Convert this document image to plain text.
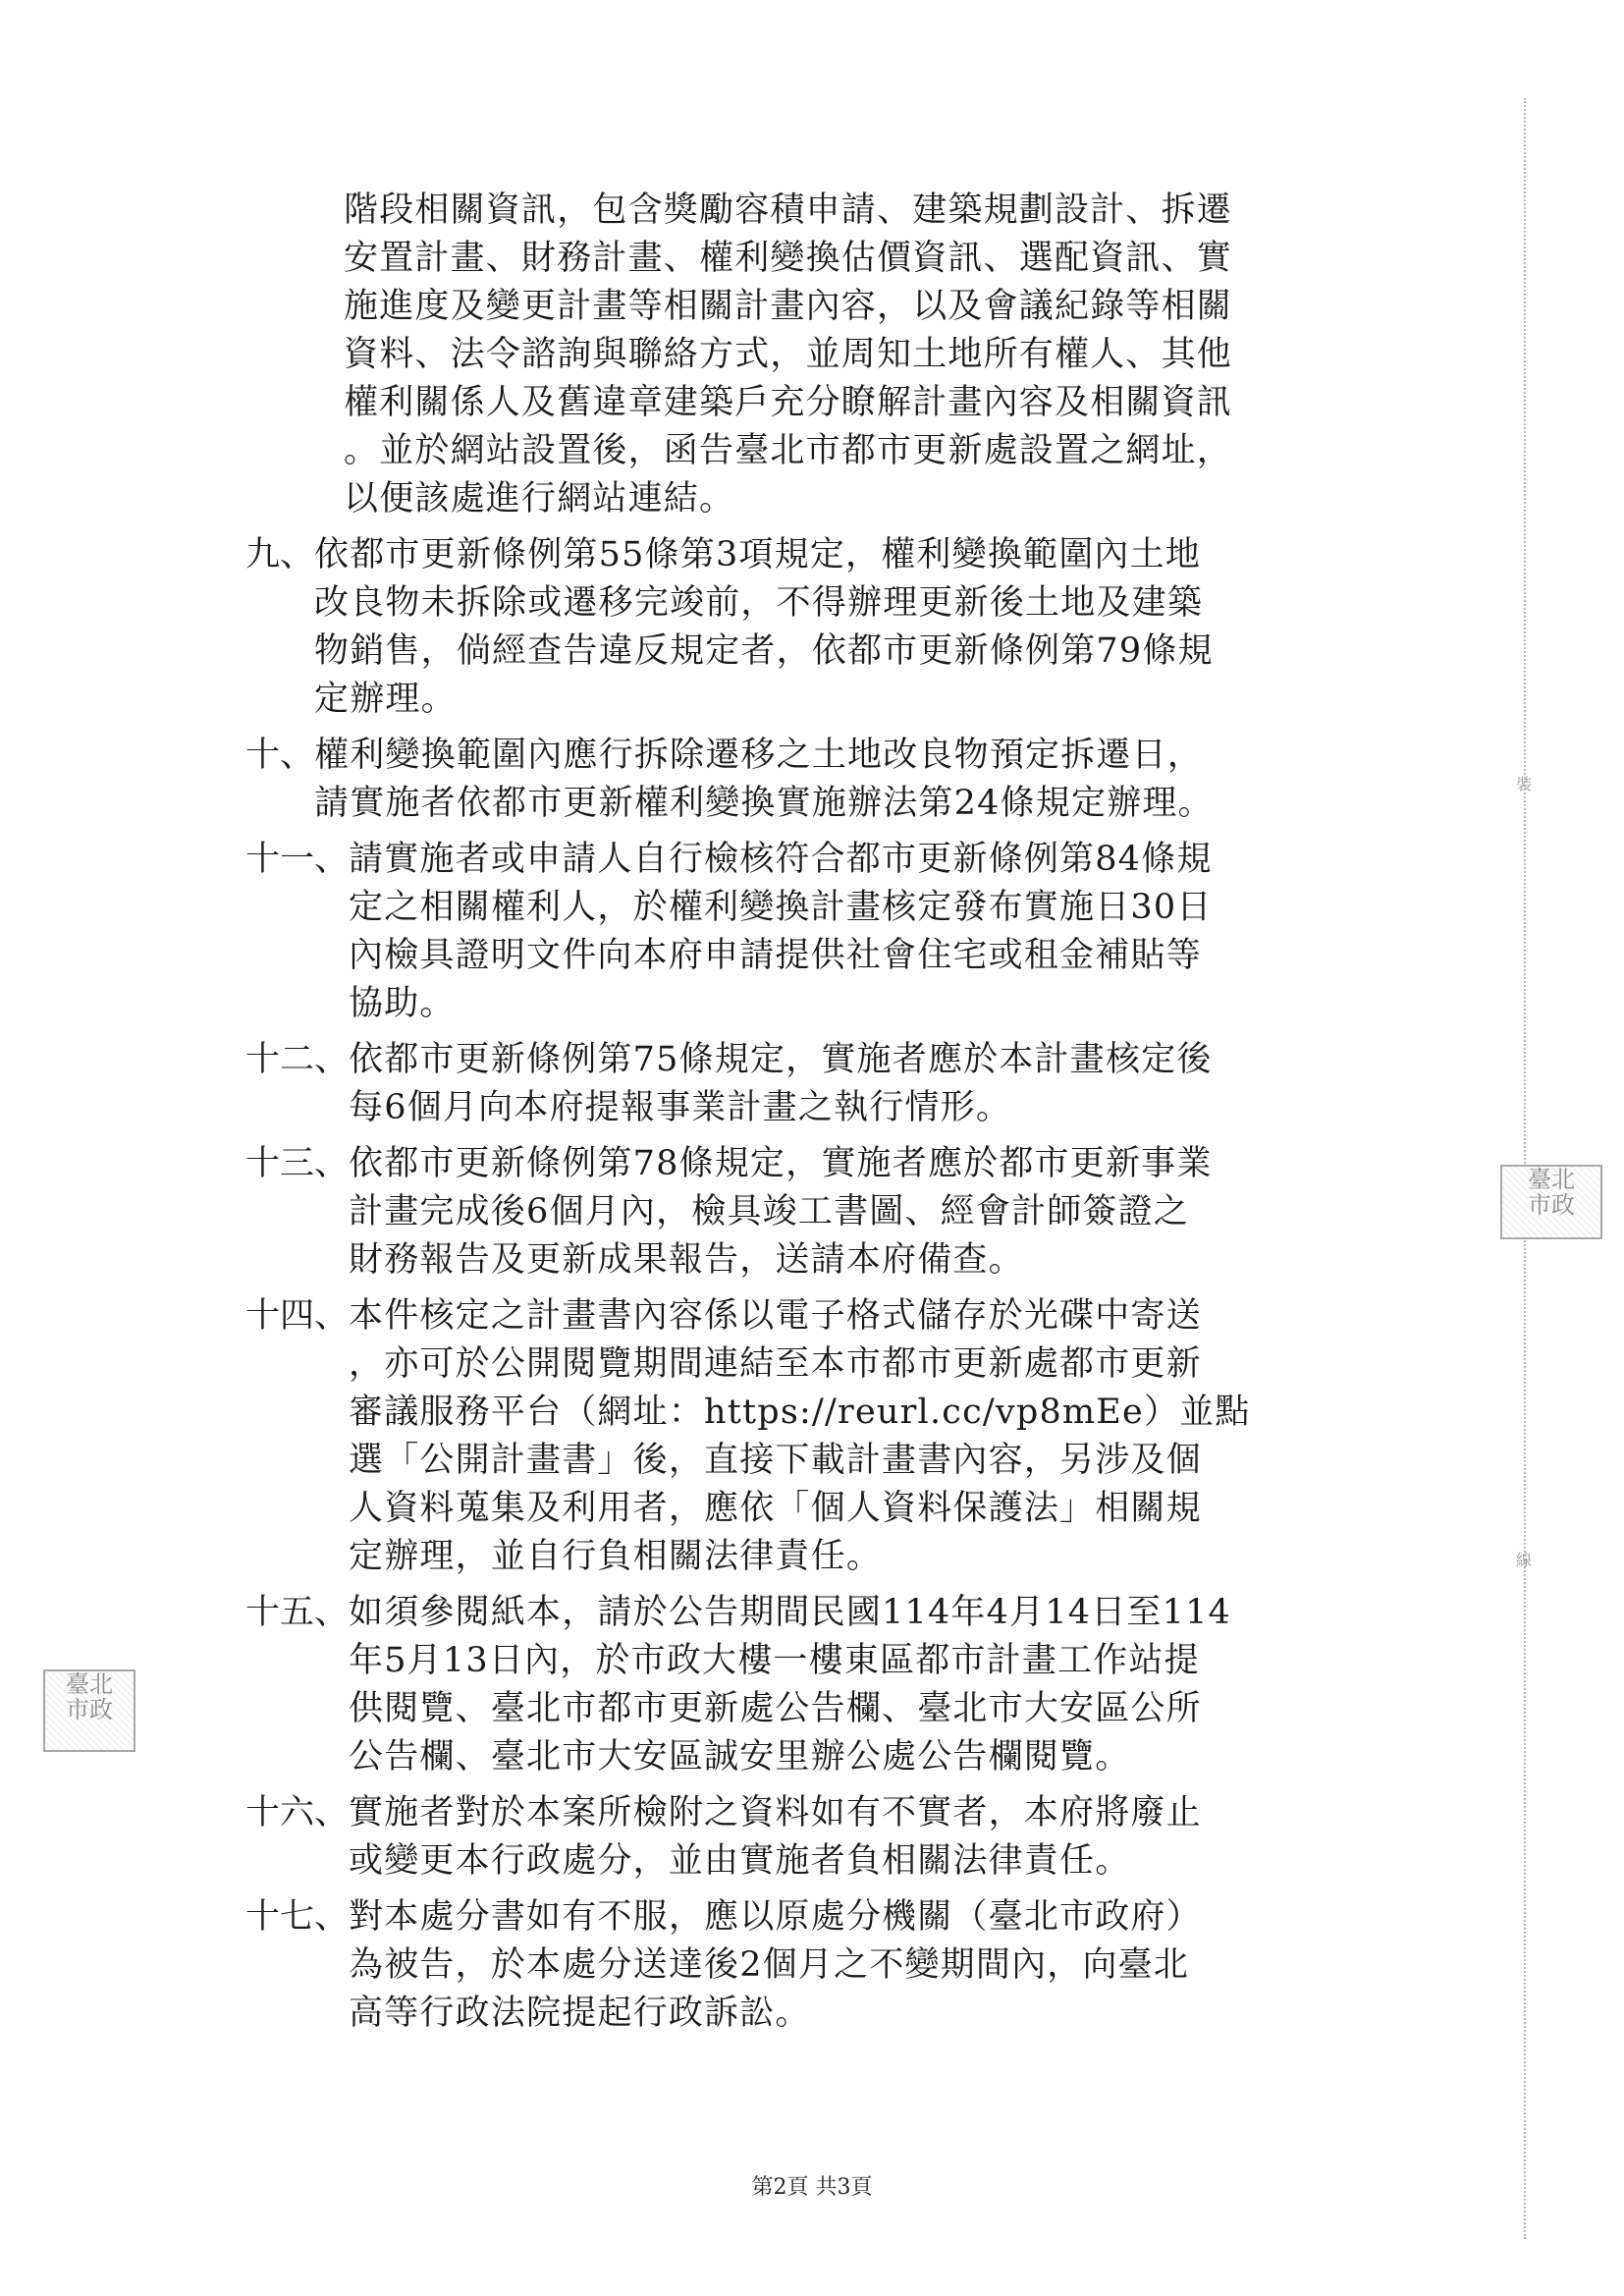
裝
線
臺北
市政
臺北
市政
階段相關資訊，包含獎勵容積申請、建築規劃設計、拆遷
安置計畫、財務計畫、權利變換估價資訊、選配資訊、實
施進度及變更計畫等相關計畫內容，以及會議紀錄等相關
資料、法令諮詢與聯絡方式，並周知土地所有權人、其他
權利關係人及舊違章建築戶充分瞭解計畫內容及相關資訊
。並於網站設置後，函告臺北市都市更新處設置之網址，
以便該處進行網站連結。
九、 依都市更新條例第55條第3項規定，權利變換範圍內土地
改良物未拆除或遷移完竣前，不得辦理更新後土地及建築
物銷售，倘經查告違反規定者，依都市更新條例第79條規
定辦理。
十、 權利變換範圍內應行拆除遷移之土地改良物預定拆遷日，
請實施者依都市更新權利變換實施辦法第24條規定辦理。
十一、 請實施者或申請人自行檢核符合都市更新條例第84條規
定之相關權利人，於權利變換計畫核定發布實施日30日
內檢具證明文件向本府申請提供社會住宅或租金補貼等
協助。
十二、 依都市更新條例第75條規定，實施者應於本計畫核定後
每6個月向本府提報事業計畫之執行情形。
十三、 依都市更新條例第78條規定，實施者應於都市更新事業
計畫完成後6個月內，檢具竣工書圖、經會計師簽證之
財務報告及更新成果報告，送請本府備查。
十四、 本件核定之計畫書內容係以電子格式儲存於光碟中寄送
，亦可於公開閱覽期間連結至本市都市更新處都市更新
審議服務平台（網址：https://reurl.cc/vp8mEe）並點
選「公開計畫書」後，直接下載計畫書內容，另涉及個
人資料蒐集及利用者，應依「個人資料保護法」相關規
定辦理，並自行負相關法律責任。
十五、 如須參閱紙本，請於公告期間民國114年4月14日至114
年5月13日內，於市政大樓一樓東區都市計畫工作站提
供閱覽、臺北市都市更新處公告欄、臺北市大安區公所
公告欄、臺北市大安區誠安里辦公處公告欄閱覽。
十六、 實施者對於本案所檢附之資料如有不實者，本府將廢止
或變更本行政處分，並由實施者負相關法律責任。
十七、 對本處分書如有不服，應以原處分機關（臺北市政府）
為被告，於本處分送達後2個月之不變期間內，向臺北
高等行政法院提起行政訴訟。
第2頁 共3頁
